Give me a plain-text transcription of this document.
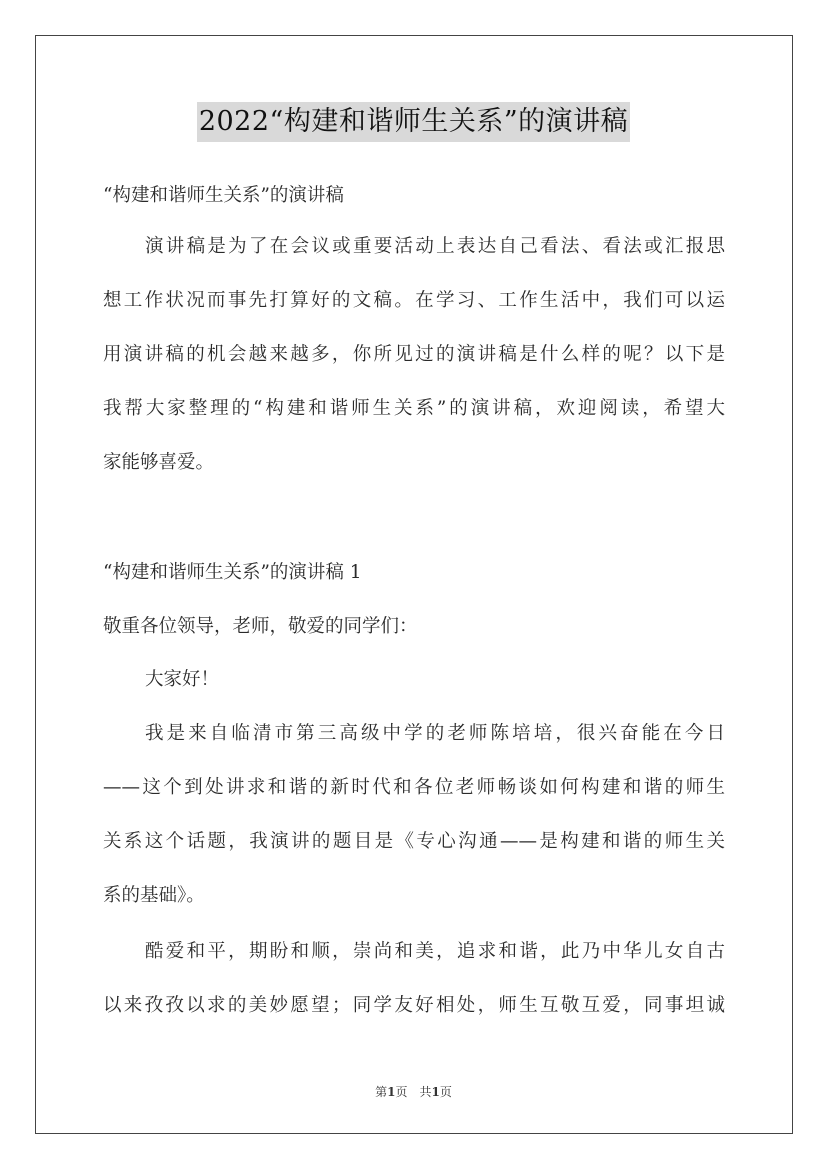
2022“构建和谐师生关系”的演讲稿
“构建和谐师生关系”的演讲稿
演讲稿是为了在会议或重要活动上表达自己看法、看法或汇报思
想工作状况而事先打算好的文稿。在学习、工作生活中，我们可以运
用演讲稿的机会越来越多，你所见过的演讲稿是什么样的呢？以下是
我帮大家整理的“构建和谐师生关系”的演讲稿，欢迎阅读，希望大
家能够喜爱。
“构建和谐师生关系”的演讲稿 1
敬重各位领导，老师，敬爱的同学们：
大家好！
我是来自临清市第三高级中学的老师陈培培，很兴奋能在今日
——这个到处讲求和谐的新时代和各位老师畅谈如何构建和谐的师生
关系这个话题，我演讲的题目是《专心沟通——是构建和谐的师生关
系的基础》。
酷爱和平，期盼和顺，崇尚和美，追求和谐，此乃中华儿女自古
以来孜孜以求的美妙愿望；同学友好相处，师生互敬互爱，同事坦诚
第1页　共1页
